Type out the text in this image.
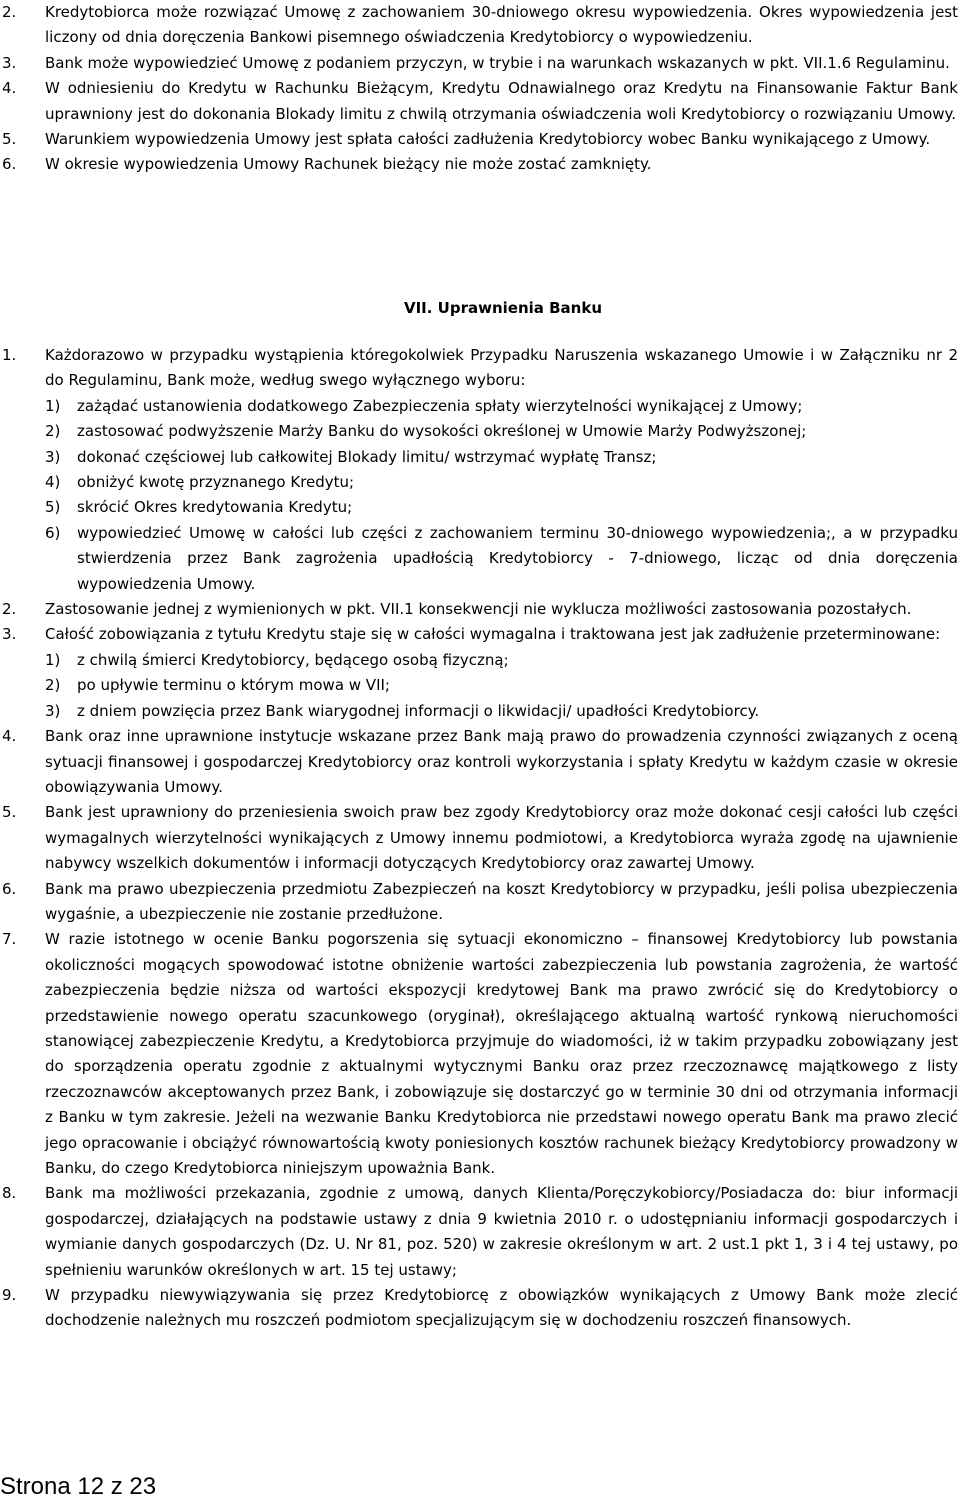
2.	Kredytobiorca może rozwiązać Umowę z zachowaniem 30-dniowego okresu wypowiedzenia. Okres wypowiedzenia jest liczony od dnia doręczenia Bankowi pisemnego oświadczenia Kredytobiorcy o wypowiedzeniu.
3.	Bank może wypowiedzieć Umowę z podaniem przyczyn, w trybie i na warunkach wskazanych w pkt. VII.1.6 Regulaminu.
4.	W odniesieniu do Kredytu w Rachunku Bieżącym, Kredytu Odnawialnego oraz Kredytu na Finansowanie Faktur Bank uprawniony jest do dokonania Blokady limitu z chwilą otrzymania oświadczenia woli Kredytobiorcy o rozwiązaniu Umowy.
5.	Warunkiem wypowiedzenia Umowy jest spłata całości zadłużenia Kredytobiorcy wobec Banku wynikającego z Umowy.
6.	W okresie wypowiedzenia Umowy Rachunek bieżący nie może zostać zamknięty.
VII. Uprawnienia Banku
1.	Każdorazowo w przypadku wystąpienia któregokolwiek Przypadku Naruszenia wskazanego Umowie i w Załączniku nr 2 do Regulaminu, Bank może, według swego wyłącznego wyboru:
1)	zażądać ustanowienia dodatkowego Zabezpieczenia spłaty wierzytelności wynikającej z Umowy;
2)	zastosować podwyższenie Marży Banku do wysokości określonej w Umowie Marży Podwyższonej;
3)	dokonać częściowej lub całkowitej Blokady limitu/ wstrzymać wypłatę Transz;
4)	obniżyć kwotę przyznanego Kredytu;
5)	skrócić Okres kredytowania Kredytu;
6)	wypowiedzieć Umowę w całości lub części z zachowaniem terminu 30-dniowego wypowiedzenia;, a w przypadku stwierdzenia przez Bank zagrożenia upadłością Kredytobiorcy - 7-dniowego, licząc od dnia doręczenia wypowiedzenia Umowy.
2.	Zastosowanie jednej z wymienionych w pkt. VII.1 konsekwencji nie wyklucza możliwości zastosowania pozostałych.
3.	Całość zobowiązania z tytułu Kredytu staje się w całości wymagalna i traktowana jest jak zadłużenie przeterminowane:
1)	z chwilą śmierci Kredytobiorcy, będącego osobą fizyczną;
2)	po upływie terminu o którym mowa w VII;
3)	z dniem powzięcia przez Bank wiarygodnej informacji o likwidacji/ upadłości Kredytobiorcy.
4.	Bank oraz inne uprawnione instytucje wskazane przez Bank mają prawo do prowadzenia czynności związanych z oceną sytuacji finansowej i gospodarczej Kredytobiorcy oraz kontroli wykorzystania i spłaty Kredytu w każdym czasie w okresie obowiązywania Umowy.
5.	Bank jest uprawniony do przeniesienia swoich praw bez zgody Kredytobiorcy oraz może dokonać cesji całości lub części wymagalnych wierzytelności wynikających z Umowy innemu podmiotowi, a Kredytobiorca wyraża zgodę na ujawnienie nabywcy wszelkich dokumentów i informacji dotyczących Kredytobiorcy oraz zawartej Umowy.
6.	Bank ma prawo ubezpieczenia przedmiotu Zabezpieczeń na koszt Kredytobiorcy w przypadku, jeśli polisa ubezpieczenia wygaśnie, a ubezpieczenie nie zostanie przedłużone.
7.	W razie istotnego w ocenie Banku pogorszenia się sytuacji ekonomiczno – finansowej Kredytobiorcy lub powstania okoliczności mogących spowodować istotne obniżenie wartości zabezpieczenia lub powstania zagrożenia, że wartość zabezpieczenia będzie niższa od wartości ekspozycji kredytowej Bank ma prawo zwrócić się do Kredytobiorcy o przedstawienie nowego operatu szacunkowego (oryginał), określającego aktualną wartość rynkową nieruchomości stanowiącej zabezpieczenie Kredytu, a Kredytobiorca przyjmuje do wiadomości, iż w takim przypadku zobowiązany jest do sporządzenia operatu zgodnie z aktualnymi wytycznymi Banku oraz przez rzeczoznawcę majątkowego z listy rzeczoznawców akceptowanych przez Bank, i zobowiązuje się dostarczyć go w terminie 30 dni od otrzymania informacji z Banku w tym zakresie. Jeżeli na wezwanie Banku Kredytobiorca nie przedstawi nowego operatu Bank ma prawo zlecić jego opracowanie i obciążyć równowartością kwoty poniesionych kosztów rachunek bieżący Kredytobiorcy prowadzony w Banku, do czego Kredytobiorca niniejszym upoważnia Bank.
8.	Bank ma możliwości przekazania, zgodnie z umową, danych Klienta/Poręczykobiorcy/Posiadacza do: biur informacji gospodarczej, działających na podstawie ustawy z dnia 9 kwietnia 2010 r. o udostępnianiu informacji gospodarczych i wymianie danych gospodarczych (Dz. U. Nr 81, poz. 520) w zakresie określonym w art. 2 ust.1 pkt 1, 3 i 4 tej ustawy, po spełnieniu warunków określonych w art. 15 tej ustawy;
9.	W przypadku niewywiązywania się przez Kredytobiorcę z obowiązków wynikających z Umowy Bank może zlecić dochodzenie należnych mu roszczeń podmiotom specjalizującym się w dochodzeniu roszczeń finansowych.
Strona 12 z 23
